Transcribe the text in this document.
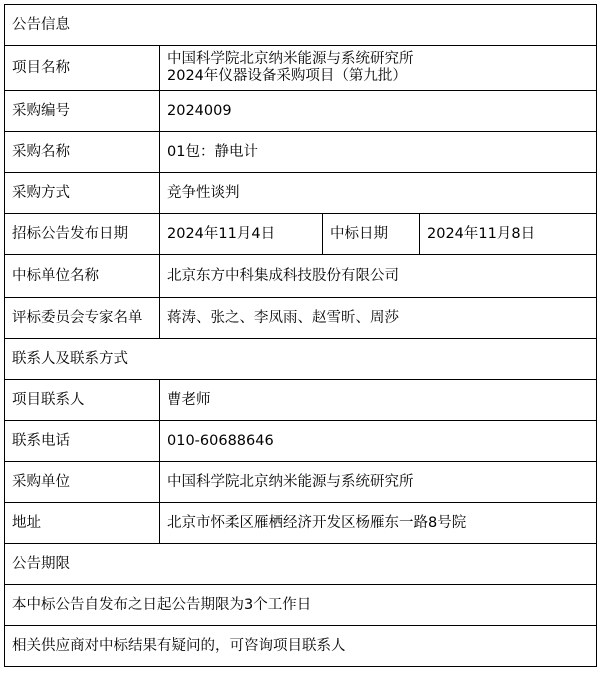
公告信息			
项目名称	中国科学院北京纳米能源与系统研究所
2024年仪器设备采购项目（第九批）		

采购编号	2024009		
采购名称	01包：静电计		
采购方式	竞争性谈判		
招标公告发布日期	2024年11月4日	中标日期	2024年11月8日
中标单位名称	北京东方中科集成科技股份有限公司		
评标委员会专家名单	蒋涛、张之、李凤雨、赵雪昕、周莎		
联系人及联系方式			
项目联系人	曹老师		
联系电话	010-60688646		
采购单位	中国科学院北京纳米能源与系统研究所		
地址	北京市怀柔区雁栖经济开发区杨雁东一路8号院		
公告期限			
本中标公告自发布之日起公告期限为3个工作日			
相关供应商对中标结果有疑问的，可咨询项目联系人			
